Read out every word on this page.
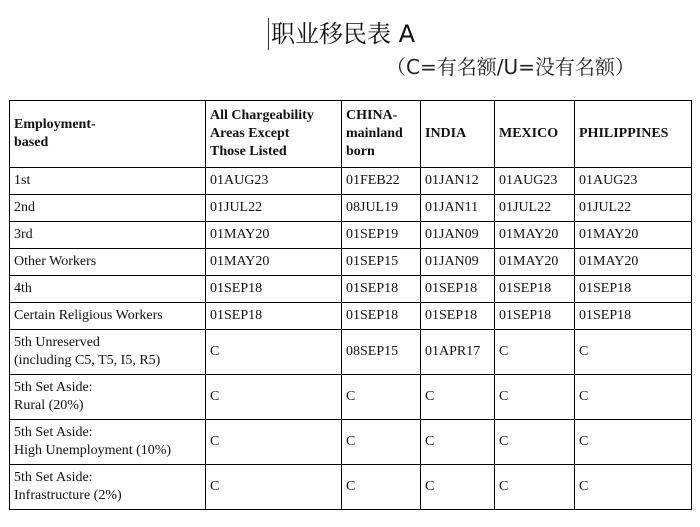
职业移民表 A
（C=有名额/U=没有名额）
Employment-
based	All Chargeability
Areas Except
Those Listed	CHINA-
mainland
born	INDIA	MEXICO	PHILIPPINES
1st	01AUG23	01FEB22	01JAN12	01AUG23	01AUG23
2nd	01JUL22	08JUL19	01JAN11	01JUL22	01JUL22
3rd	01MAY20	01SEP19	01JAN09	01MAY20	01MAY20
Other Workers	01MAY20	01SEP15	01JAN09	01MAY20	01MAY20
4th	01SEP18	01SEP18	01SEP18	01SEP18	01SEP18
Certain Religious Workers	01SEP18	01SEP18	01SEP18	01SEP18	01SEP18
5th Unreserved
(including C5, T5, I5, R5)	C	08SEP15	01APR17	C	C
5th Set Aside:
Rural (20%)	C	C	C	C	C
5th Set Aside:
High Unemployment (10%)	C	C	C	C	C
5th Set Aside:
Infrastructure (2%)	C	C	C	C	C
